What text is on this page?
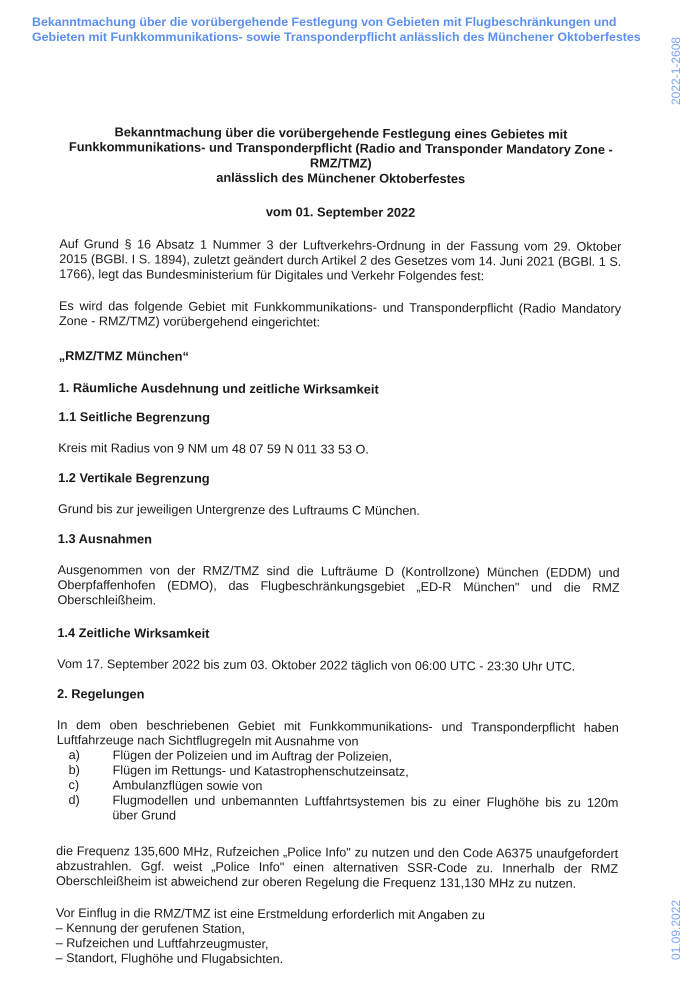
Bekanntmachung über die vorübergehende Festlegung von Gebieten mit Flugbeschränkungen und Gebieten mit Funkkommunikations- sowie Transponderpflicht anlässlich des Münchener Oktoberfestes	2022-1-2608
01.09.2022

Bekanntmachung über die vorübergehende Festlegung eines Gebietes mit

Funkkommunikations- und Transponderpflicht (Radio and Transponder Mandatory Zone -

RMZ/TMZ)

anlässlich des Münchener Oktoberfestes

vom 01. September 2022

Auf Grund § 16 Absatz 1 Nummer 3 der Luftverkehrs-Ordnung in der Fassung vom 29. Oktober 2015 (BGBl. I S. 1894), zuletzt geändert durch Artikel 2 des Gesetzes vom 14. Juni 2021 (BGBl. 1 S. 1766), legt das Bundesministerium für Digitales und Verkehr Folgendes fest:

Es wird das folgende Gebiet mit Funkkommunikations- und Transponderpflicht (Radio Mandatory Zone - RMZ/TMZ) vorübergehend eingerichtet:

„RMZ/TMZ München“

1. Räumliche Ausdehnung und zeitliche Wirksamkeit

1.1 Seitliche Begrenzung

Kreis mit Radius von 9 NM um 48 07 59 N 011 33 53 O.

1.2 Vertikale Begrenzung

Grund bis zur jeweiligen Untergrenze des Luftraums C München.

1.3 Ausnahmen

Ausgenommen von der RMZ/TMZ sind die Lufträume D (Kontrollzone) München (EDDM) und Oberpfaffenhofen (EDMO), das Flugbeschränkungsgebiet „ED-R München" und die RMZ Oberschleißheim.

1.4 Zeitliche Wirksamkeit

Vom 17. September 2022 bis zum 03. Oktober 2022 täglich von 06:00 UTC - 23:30 Uhr UTC.

2. Regelungen

In dem oben beschriebenen Gebiet mit Funkkommunikations- und Transponderpflicht haben Luftfahrzeuge nach Sichtflugregeln mit Ausnahme von

a)	Flügen der Polizeien und im Auftrag der Polizeien,
b)	Flügen im Rettungs- und Katastrophenschutzeinsatz,
c)	Ambulanzflügen sowie von
d)	Flugmodellen und unbemannten Luftfahrtsystemen bis zu einer Flughöhe bis zu 120m über Grund

die Frequenz 135,600 MHz, Rufzeichen „Police Info" zu nutzen und den Code A6375 unaufgefordert abzustrahlen. Ggf. weist „Police Info" einen alternativen SSR-Code zu. Innerhalb der RMZ Oberschleißheim ist abweichend zur oberen Regelung die Frequenz 131,130 MHz zu nutzen.

Vor Einflug in die RMZ/TMZ ist eine Erstmeldung erforderlich mit Angaben zu

– Kennung der gerufenen Station,
– Rufzeichen und Luftfahrzeugmuster,
– Standort, Flughöhe und Flugabsichten.
